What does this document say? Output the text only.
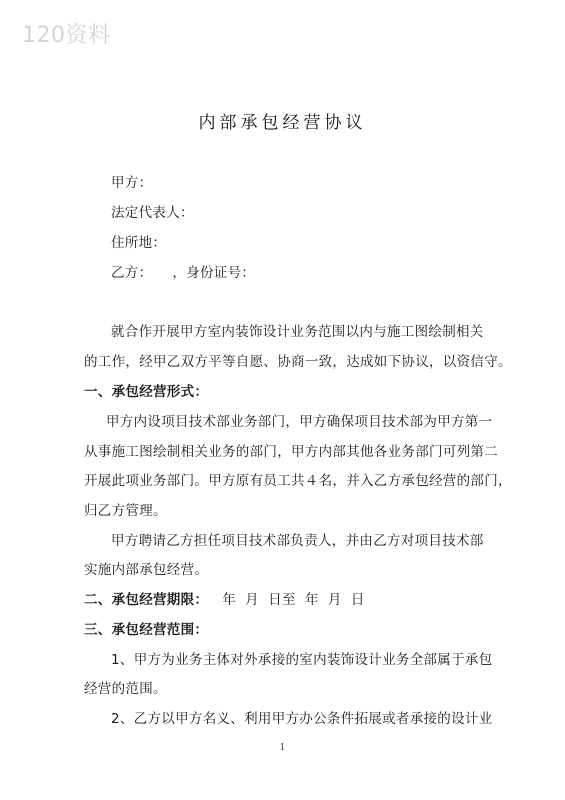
120资料
内部承包经营协议
甲方：
法定代表人：
住所地：
乙方： ，身份证号：
就合作开展甲方室内装饰设计业务范围以内与施工图绘制相关
的工作，经甲乙双方平等自愿、协商一致，达成如下协议，以资信守。
一、承包经营形式：
甲方内设项目技术部业务部门，甲方确保项目技术部为甲方第一
从事施工图绘制相关业务的部门，甲方内部其他各业务部门可列第二
开展此项业务部门。甲方原有员工共４名，并入乙方承包经营的部门，
归乙方管理。
甲方聘请乙方担任项目技术部负责人，并由乙方对项目技术部
实施内部承包经营。
二、承包经营期限： 年  月  日至  年  月  日
三、承包经营范围：
1、甲方为业务主体对外承接的室内装饰设计业务全部属于承包
经营的范围。
2、乙方以甲方名义、利用甲方办公条件拓展或者承接的设计业
1
